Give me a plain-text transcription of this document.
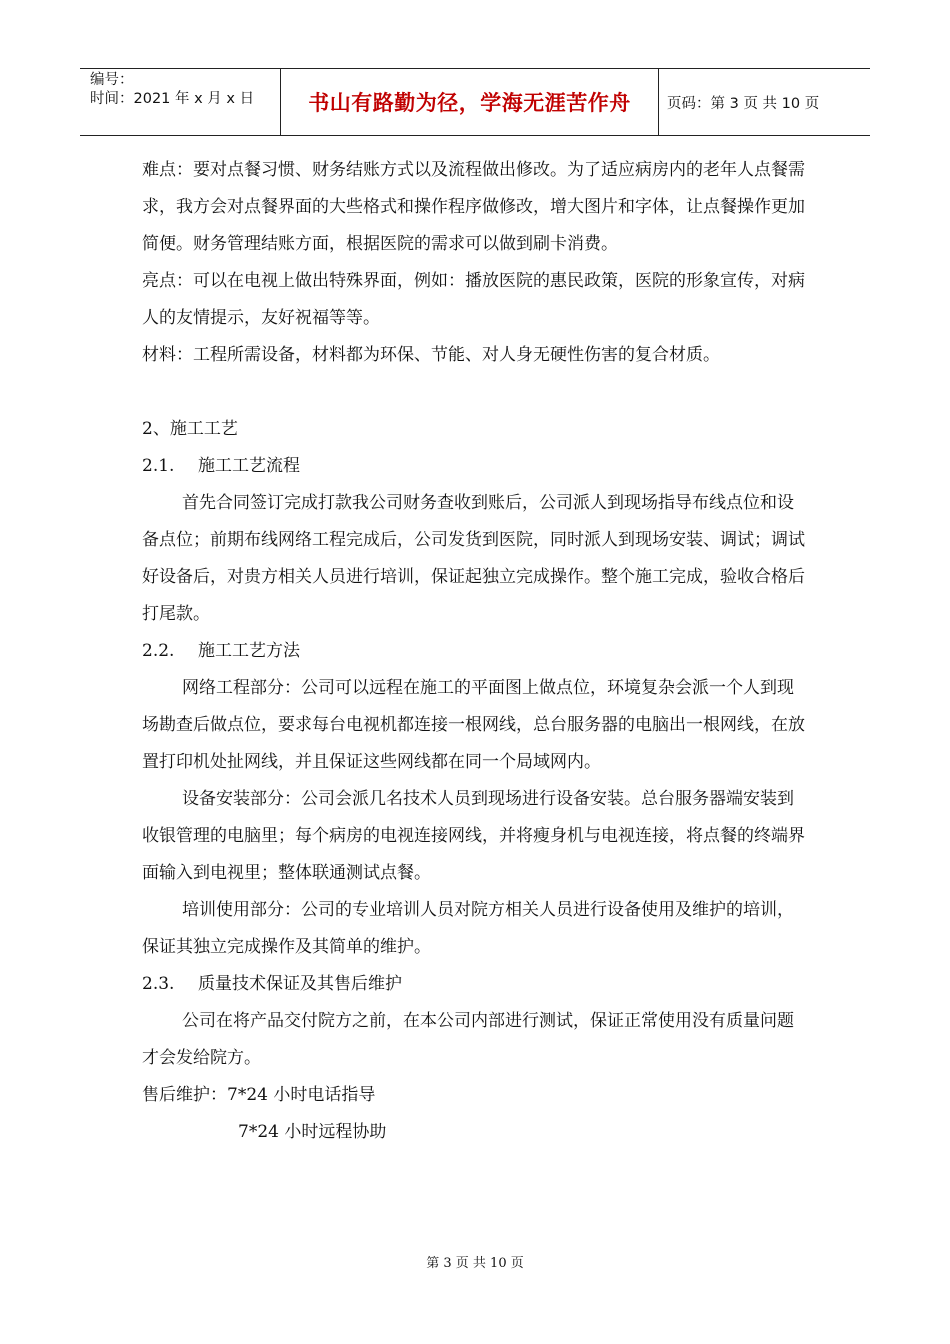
编号：
时间：2021 年 x 月 x 日	书山有路勤为径，学海无涯苦作舟	页码：第 3 页 共 10 页

难点：要对点餐习惯、财务结账方式以及流程做出修改。为了适应病房内的老年人点餐需求，我方会对点餐界面的大些格式和操作程序做修改，增大图片和字体，让点餐操作更加简便。财务管理结账方面，根据医院的需求可以做到刷卡消费。

亮点：可以在电视上做出特殊界面，例如：播放医院的惠民政策，医院的形象宣传，对病人的友情提示，友好祝福等等。

材料：工程所需设备，材料都为环保、节能、对人身无硬性伤害的复合材质。

2、施工工艺

2.1. 施工工艺流程

首先合同签订完成打款我公司财务查收到账后，公司派人到现场指导布线点位和设备点位；前期布线网络工程完成后，公司发货到医院，同时派人到现场安装、调试；调试好设备后，对贵方相关人员进行培训，保证起独立完成操作。整个施工完成，验收合格后打尾款。

2.2. 施工工艺方法

网络工程部分：公司可以远程在施工的平面图上做点位，环境复杂会派一个人到现场勘查后做点位，要求每台电视机都连接一根网线，总台服务器的电脑出一根网线，在放置打印机处扯网线，并且保证这些网线都在同一个局域网内。

设备安装部分：公司会派几名技术人员到现场进行设备安装。总台服务器端安装到收银管理的电脑里；每个病房的电视连接网线，并将瘦身机与电视连接，将点餐的终端界面输入到电视里；整体联通测试点餐。

培训使用部分：公司的专业培训人员对院方相关人员进行设备使用及维护的培训，保证其独立完成操作及其简单的维护。

2.3. 质量技术保证及其售后维护

公司在将产品交付院方之前，在本公司内部进行测试，保证正常使用没有质量问题才会发给院方。

售后维护：7*24 小时电话指导

7*24 小时远程协助

第 3 页 共 10 页
